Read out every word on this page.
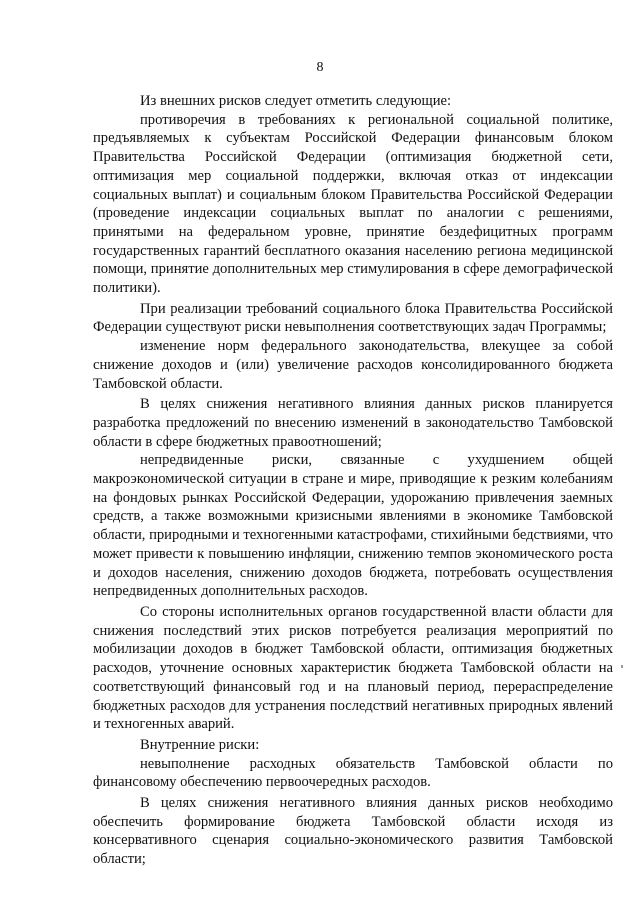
8

Из внешних рисков следует отметить следующие:

противоречия в требованиях к региональной социальной политике, предъявляемых к субъектам Российской Федерации финансовым блоком Правительства Российской Федерации (оптимизация бюджетной сети, оптимизация мер социальной поддержки, включая отказ от индексации социальных выплат) и социальным блоком Правительства Российской Федерации (проведение индексации социальных выплат по аналогии с решениями, принятыми на федеральном уровне, принятие бездефицитных программ государственных гарантий бесплатного оказания населению региона медицинской помощи, принятие дополнительных мер стимулирования в сфере демографической политики).

При реализации требований социального блока Правительства Российской Федерации существуют риски невыполнения соответствующих задач Программы;

изменение норм федерального законодательства, влекущее за собой снижение доходов и (или) увеличение расходов консолидированного бюджета Тамбовской области.

В целях снижения негативного влияния данных рисков планируется разработка предложений по внесению изменений в законодательство Тамбовской области в сфере бюджетных правоотношений;

непредвиденные риски, связанные с ухудшением общей макроэкономической ситуации в стране и мире, приводящие к резким колебаниям на фондовых рынках Российской Федерации, удорожанию привлечения заемных средств, а также возможными кризисными явлениями в экономике Тамбовской области, природными и техногенными катастрофами, стихийными бедствиями, что может привести к повышению инфляции, снижению темпов экономического роста и доходов населения, снижению доходов бюджета, потребовать осуществления непредвиденных дополнительных расходов.

Со стороны исполнительных органов государственной власти области для снижения последствий этих рисков потребуется реализация мероприятий по мобилизации доходов в бюджет Тамбовской области, оптимизация бюджетных расходов, уточнение основных характеристик бюджета Тамбовской области на соответствующий финансовый год и на плановый период, перераспределение бюджетных расходов для устранения последствий негативных природных явлений и техногенных аварий.

Внутренние риски:

невыполнение расходных обязательств Тамбовской области по финансовому обеспечению первоочередных расходов.

В целях снижения негативного влияния данных рисков необходимо обеспечить формирование бюджета Тамбовской области исходя из консервативного сценария социально-экономического развития Тамбовской области;
